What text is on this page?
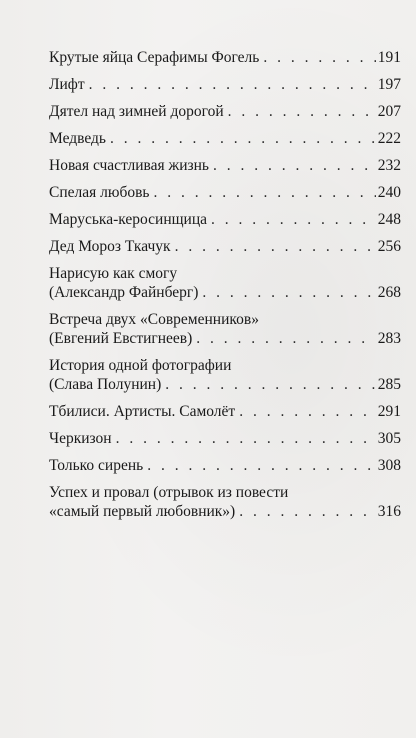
Крутые яйца Серафимы Фогель . . .	191
Лифт . . .	197
Дятел над зимней дорогой . . .	207
Медведь . . .	222
Новая счастливая жизнь . . .	232
Спелая любовь . . .	240
Маруська-керосинщица . . .	248
Дед Мороз Ткачук . . .	256
Нарисую как смогу
(Александр Файнберг) . . .	268
Встреча двух «Современников»
(Евгений Евстигнеев) . . .	283
История одной фотографии
(Слава Полунин) . . .	285
Тбилиси. Артисты. Самолёт . . .	291
Черкизон . . .	305
Только сирень . . .	308
Успех и провал (отрывок из повести
«самый первый любовник») . . .	316
